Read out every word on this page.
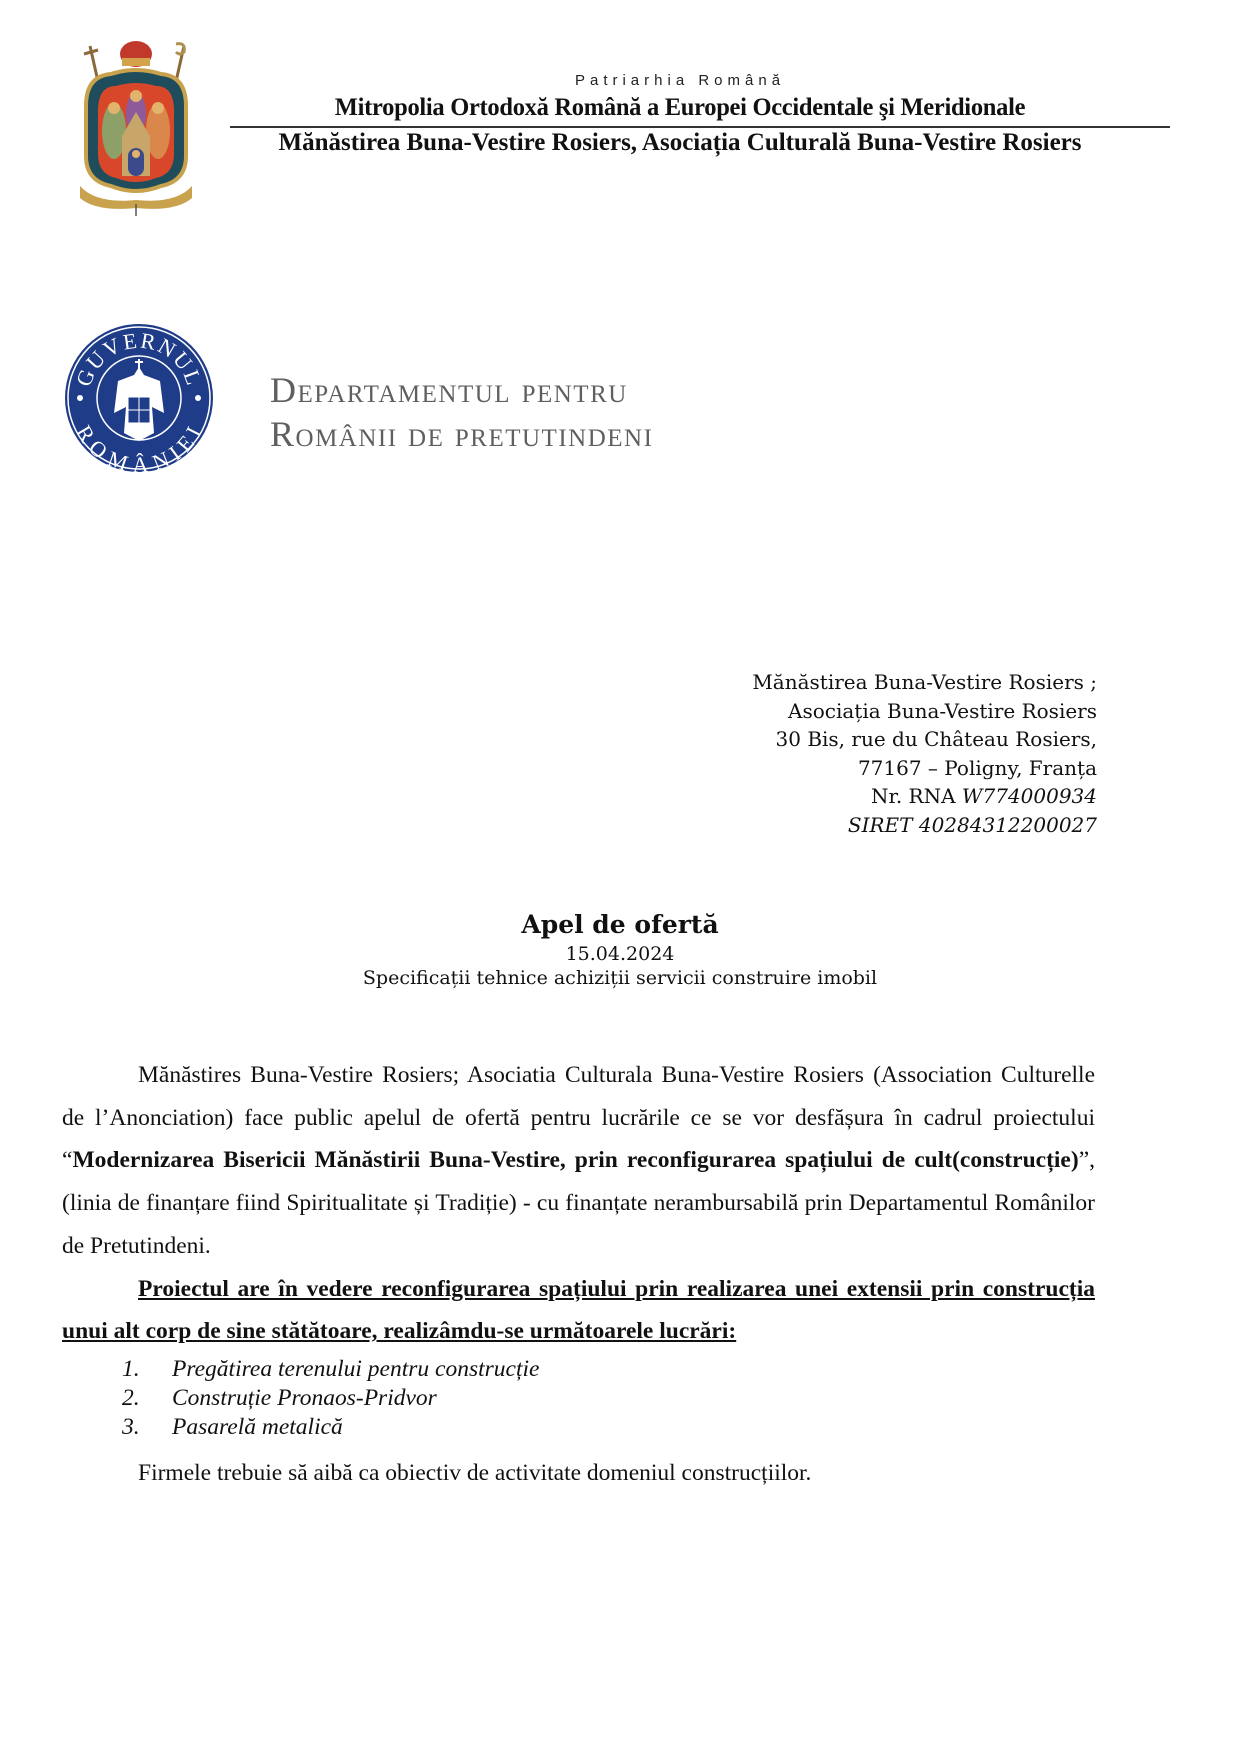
Patriarhia Română
Mitropolia Ortodoxă Română a Europei Occidentale şi Meridionale
Mănăstirea Buna-Vestire Rosiers, Asociația Culturală Buna-Vestire Rosiers
GUVERNUL
ROMÂNIEI
Departamentul pentru
Românii de pretutindeni
Mănăstirea Buna-Vestire Rosiers ;
Asociația Buna-Vestire Rosiers
30 Bis, rue du Château Rosiers,
77167 – Poligny, Franța
Nr. RNA W774000934
SIRET 40284312200027
Apel de ofertă
15.04.2024
Specificații tehnice achiziții servicii construire imobil

Mănăstires Buna-Vestire Rosiers; Asociatia Culturala Buna-Vestire Rosiers (Association Culturelle de l’Anonciation) face public apelul de ofertă pentru lucrările ce se vor desfășura în cadrul proiectului “Modernizarea Bisericii Mănăstirii Buna-Vestire, prin reconfigurarea spațiului de cult(construcție)”, (linia de finanțare fiind Spiritualitate și Tradiție) - cu finanțate nerambursabilă prin Departamentul Românilor de Pretutindeni.

Proiectul are în vedere reconfigurarea spațiului prin realizarea unei extensii prin construcția unui alt corp de sine stătătoare, realizâmdu-se următoarele lucrări:

1.	Pregătirea terenului pentru construcție
2.	Construție Pronaos-Pridvor
3.	Pasarelă metalică

Firmele trebuie să aibă ca obiectiv de activitate domeniul construcțiilor.
